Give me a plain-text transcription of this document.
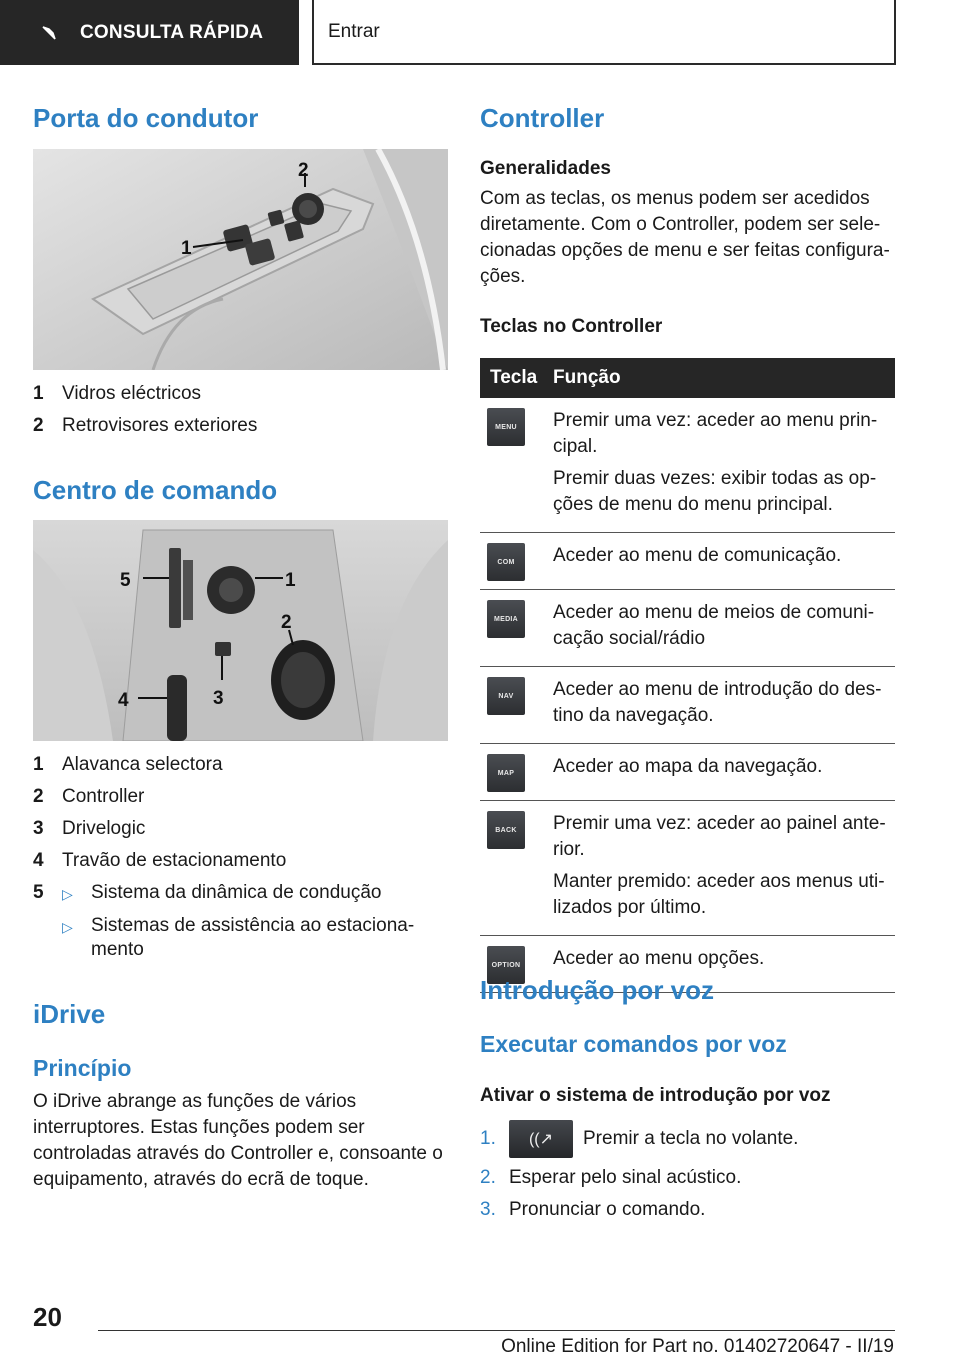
CONSULTA RÁPIDA	Entrar
Porta do condutor
1
2
1 Vidros eléctricos
2 Retrovisores exteriores
Centro de comando
5	1
2
4	3
1 Alavanca selectora
2 Controller
3 Drivelogic
4 Travão de estacionamento
5	▷ Sistema da dinâmica de condução
▷ Sistemas de assistência ao estaciona-
mento
iDrive
Princípio

O iDrive abrange as funções de vários interruptores. Estas funções podem ser controladas através do Controller e, consoante o equipamento, através do ecrã de toque.

Controller
Generalidades

Com as teclas, os menus podem ser acedidos diretamente. Com o Controller, podem ser selecionadas opções de menu e ser feitas configurações.

Teclas no Controller
Tecla Função
MENU	Premir uma vez: aceder ao menu principal.

Premir duas vezes: exibir todas as opções de menu do menu principal.

COM	Aceder ao menu de comunicação.

MEDIA	Aceder ao menu de meios de comunicação social/rádio

NAV	Aceder ao menu de introdução do destino da navegação.

MAP	Aceder ao mapa da navegação.

BACK	Premir uma vez: aceder ao painel anterior.

Manter premido: aceder aos menus utilizados por último.

OPTION Aceder ao menu opções.

Introdução por voz
Executar comandos por voz
Ativar o sistema de introdução por voz
1.	((↗	Premir a tecla no volante.
2. Esperar pelo sinal acústico.
3. Pronunciar o comando.
20
Online Edition for Part no. 01402720647 - II/19
